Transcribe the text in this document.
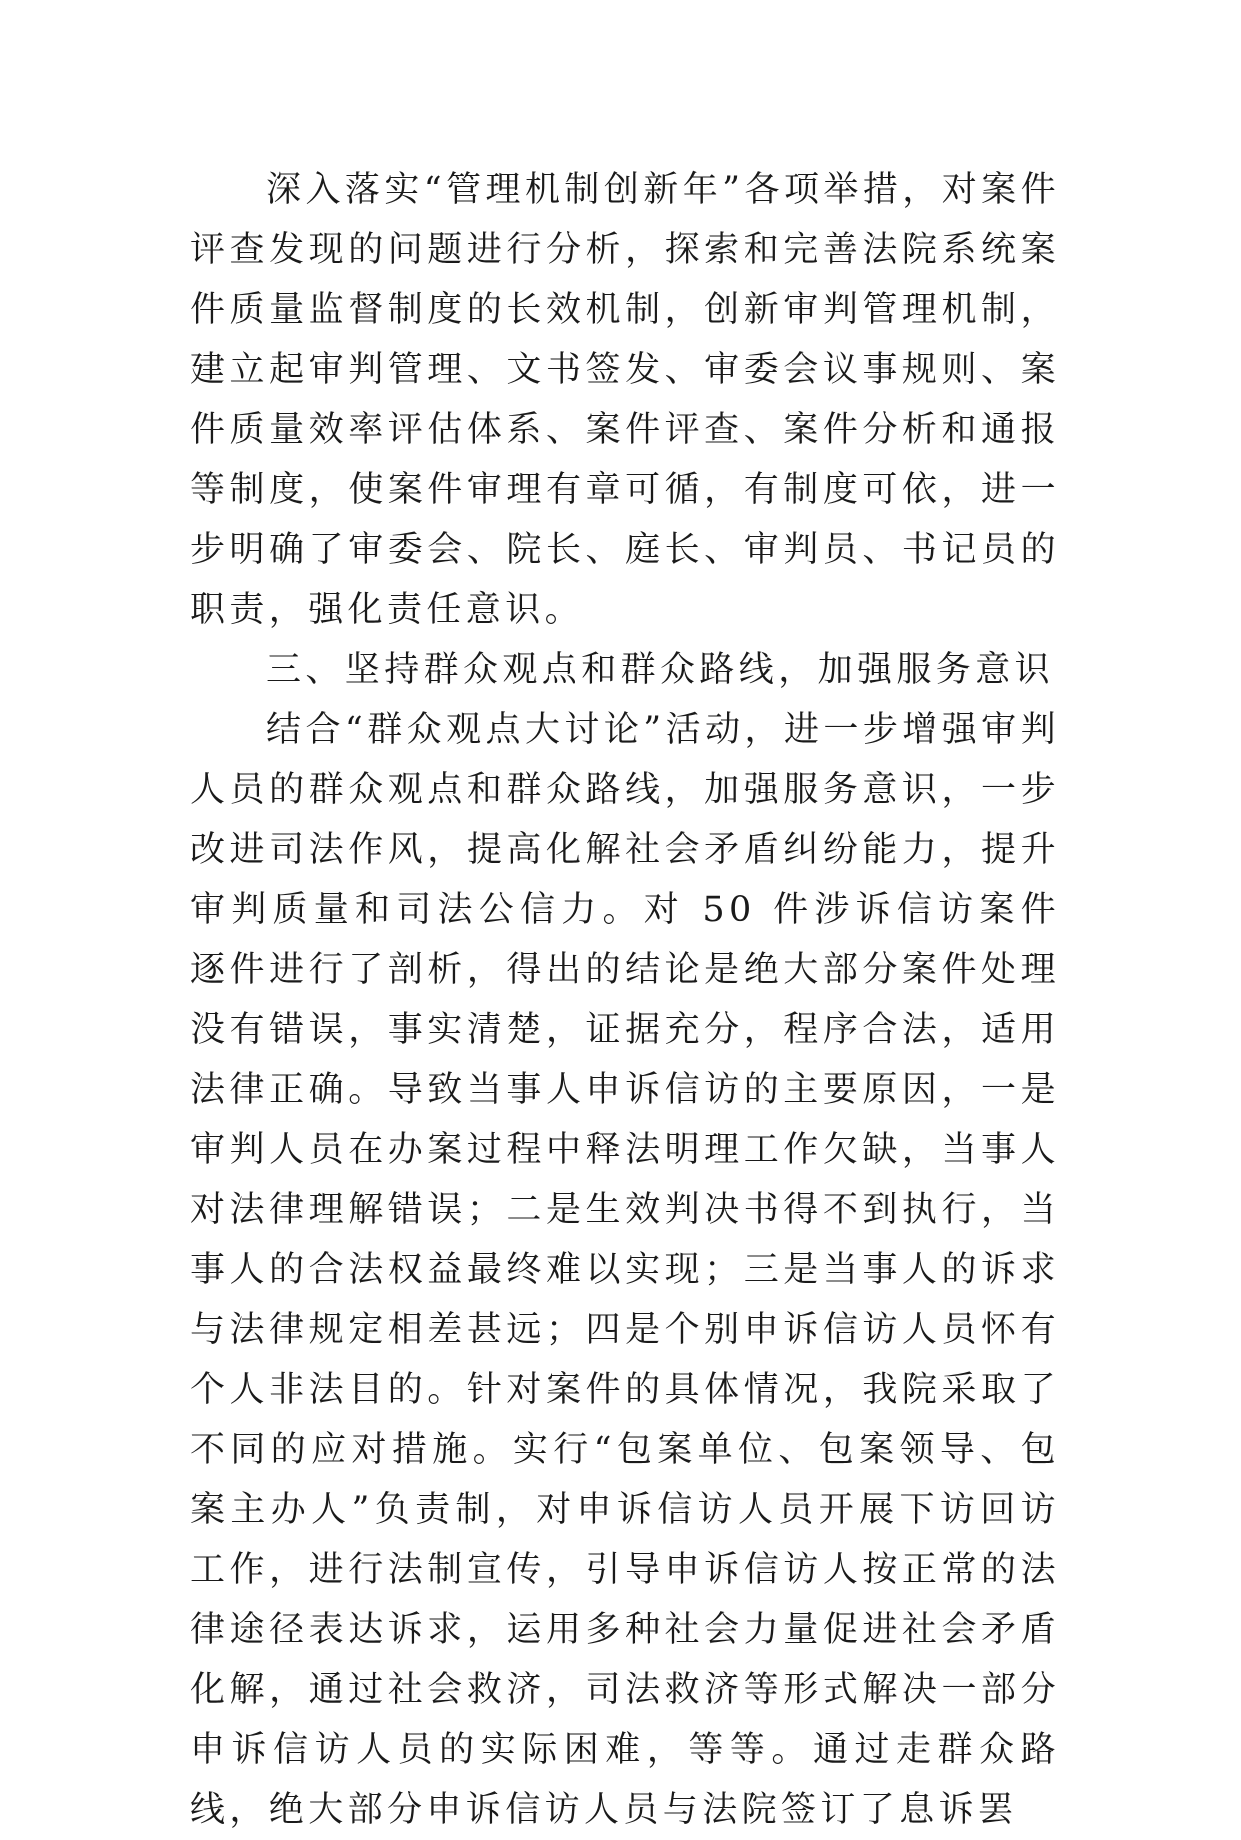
深入落实“管理机制创新年”各项举措，对案件评查发现的问题进行分析，探索和完善法院系统案件质量监督制度的长效机制，创新审判管理机制，建立起审判管理、文书签发、审委会议事规则、案件质量效率评估体系、案件评查、案件分析和通报等制度，使案件审理有章可循，有制度可依，进一步明确了审委会、院长、庭长、审判员、书记员的职责，强化责任意识。

三、坚持群众观点和群众路线，加强服务意识

结合“群众观点大讨论”活动，进一步增强审判人员的群众观点和群众路线，加强服务意识，一步改进司法作风，提高化解社会矛盾纠纷能力，提升审判质量和司法公信力。对 50 件涉诉信访案件逐件进行了剖析，得出的结论是绝大部分案件处理没有错误，事实清楚，证据充分，程序合法，适用法律正确。导致当事人申诉信访的主要原因，一是审判人员在办案过程中释法明理工作欠缺，当事人对法律理解错误；二是生效判决书得不到执行，当事人的合法权益最终难以实现；三是当事人的诉求与法律规定相差甚远；四是个别申诉信访人员怀有个人非法目的。针对案件的具体情况，我院采取了不同的应对措施。实行“包案单位、包案领导、包案主办人”负责制，对申诉信访人员开展下访回访工作，进行法制宣传，引导申诉信访人按正常的法律途径表达诉求，运用多种社会力量促进社会矛盾化解，通过社会救济，司法救济等形式解决一部分申诉信访人员的实际困难，等等。通过走群众路线，绝大部分申诉信访人员与法院签订了息诉罢
